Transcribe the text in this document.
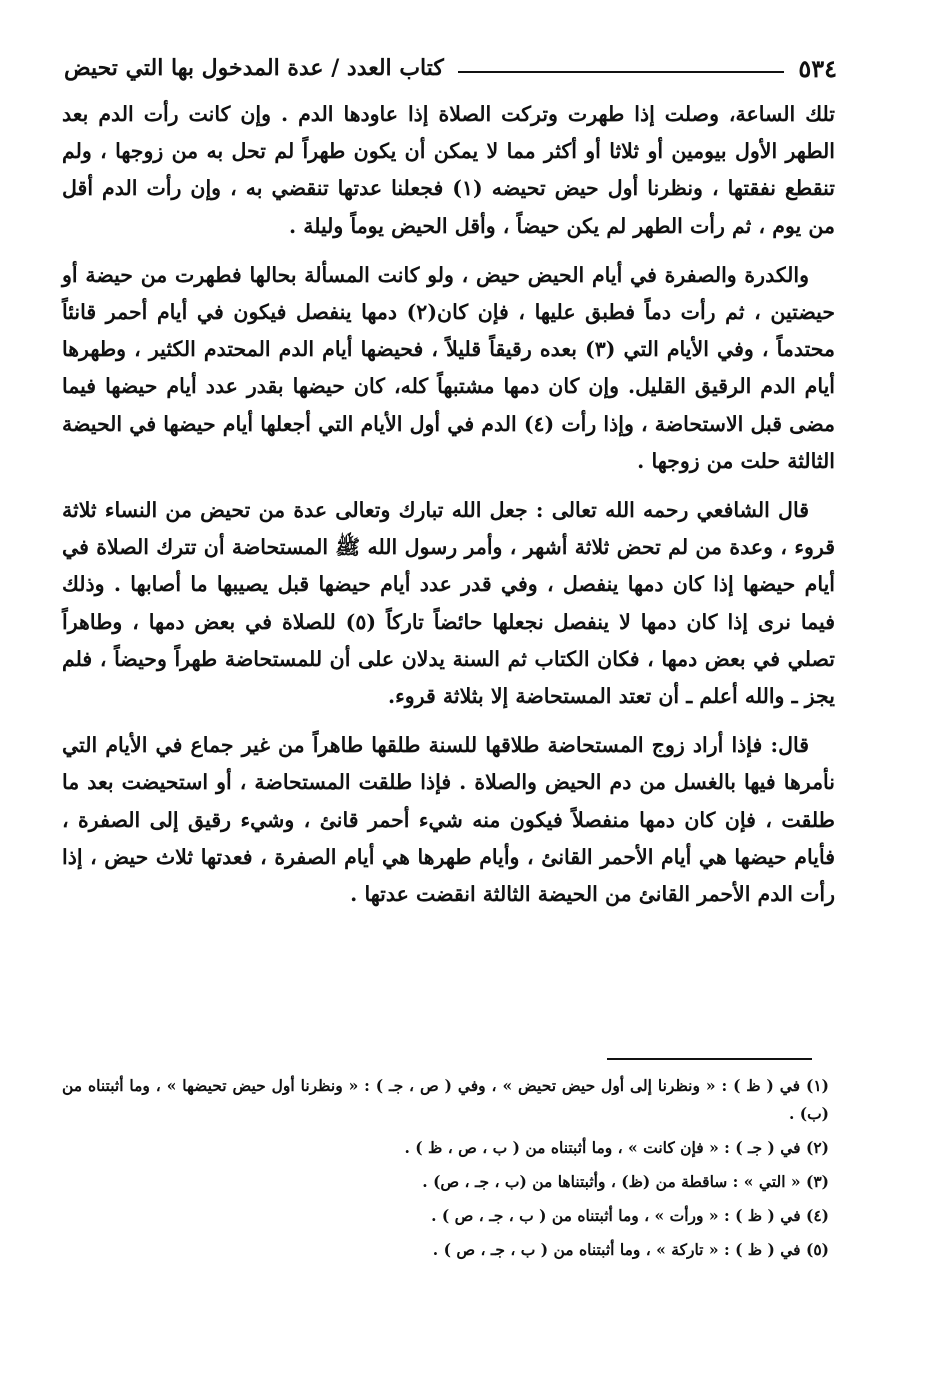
٥٣٤
كتاب العدد / عدة المدخول بها التي تحيض

تلك الساعة، وصلت إذا طهرت وتركت الصلاة إذا عاودها الدم . وإن كانت رأت الدم بعد الطهر الأول بيومين أو ثلاثا أو أكثر مما لا يمكن أن يكون طهراً لم تحل به من زوجها ، ولم تنقطع نفقتها ، ونظرنا أول حيض تحيضه (١) فجعلنا عدتها تنقضي به ، وإن رأت الدم أقل من يوم ، ثم رأت الطهر لم يكن حيضاً ، وأقل الحيض يوماً وليلة .

والكدرة والصفرة في أيام الحيض حيض ، ولو كانت المسألة بحالها فطهرت من حيضة أو حيضتين ، ثم رأت دماً فطبق عليها ، فإن كان(٢) دمها ينفصل فيكون في أيام أحمر قانئاً محتدماً ، وفي الأيام التي (٣) بعده رقيقاً قليلاً ، فحيضها أيام الدم المحتدم الكثير ، وطهرها أيام الدم الرقيق القليل. وإن كان دمها مشتبهاً كله، كان حيضها بقدر عدد أيام حيضها فيما مضى قبل الاستحاضة ، وإذا رأت (٤) الدم في أول الأيام التي أجعلها أيام حيضها في الحيضة الثالثة حلت من زوجها .

قال الشافعي رحمه الله تعالى : جعل الله تبارك وتعالى عدة من تحيض من النساء ثلاثة قروء ، وعدة من لم تحض ثلاثة أشهر ، وأمر رسول الله ﷺ المستحاضة أن تترك الصلاة في أيام حيضها إذا كان دمها ينفصل ، وفي قدر عدد أيام حيضها قبل يصيبها ما أصابها . وذلك فيما نرى إذا كان دمها لا ينفصل نجعلها حائضاً تاركاً (٥) للصلاة في بعض دمها ، وطاهراً تصلي في بعض دمها ، فكان الكتاب ثم السنة يدلان على أن للمستحاضة طهراً وحيضاً ، فلم يجز ـ والله أعلم ـ أن تعتد المستحاضة إلا بثلاثة قروء.

قال: فإذا أراد زوج المستحاضة طلاقها للسنة طلقها طاهراً من غير جماع في الأيام التي نأمرها فيها بالغسل من دم الحيض والصلاة . فإذا طلقت المستحاضة ، أو استحيضت بعد ما طلقت ، فإن كان دمها منفصلاً فيكون منه شيء أحمر قانئ ، وشيء رقيق إلى الصفرة ، فأيام حيضها هي أيام الأحمر القانئ ، وأيام طهرها هي أيام الصفرة ، فعدتها ثلاث حيض ، إذا رأت الدم الأحمر القانئ من الحيضة الثالثة انقضت عدتها .

(١) في ( ظ ) : « ونظرنا إلى أول حيض تحيض » ، وفي ( ص ، جـ ) : « ونظرنا أول حيض تحيضها » ، وما أثبتناه من (ب) .

(٢) في ( جـ ) : « فإن كانت » ، وما أثبتناه من ( ب ، ص ، ظ ) .

(٣) « التي » : ساقطة من (ظ) ، وأثبتناها من (ب ، جـ ، ص) .

(٤) في ( ظ ) : « ورأت » ، وما أثبتناه من ( ب ، جـ ، ص ) .

(٥) في ( ظ ) : « تاركة » ، وما أثبتناه من ( ب ، جـ ، ص ) .
